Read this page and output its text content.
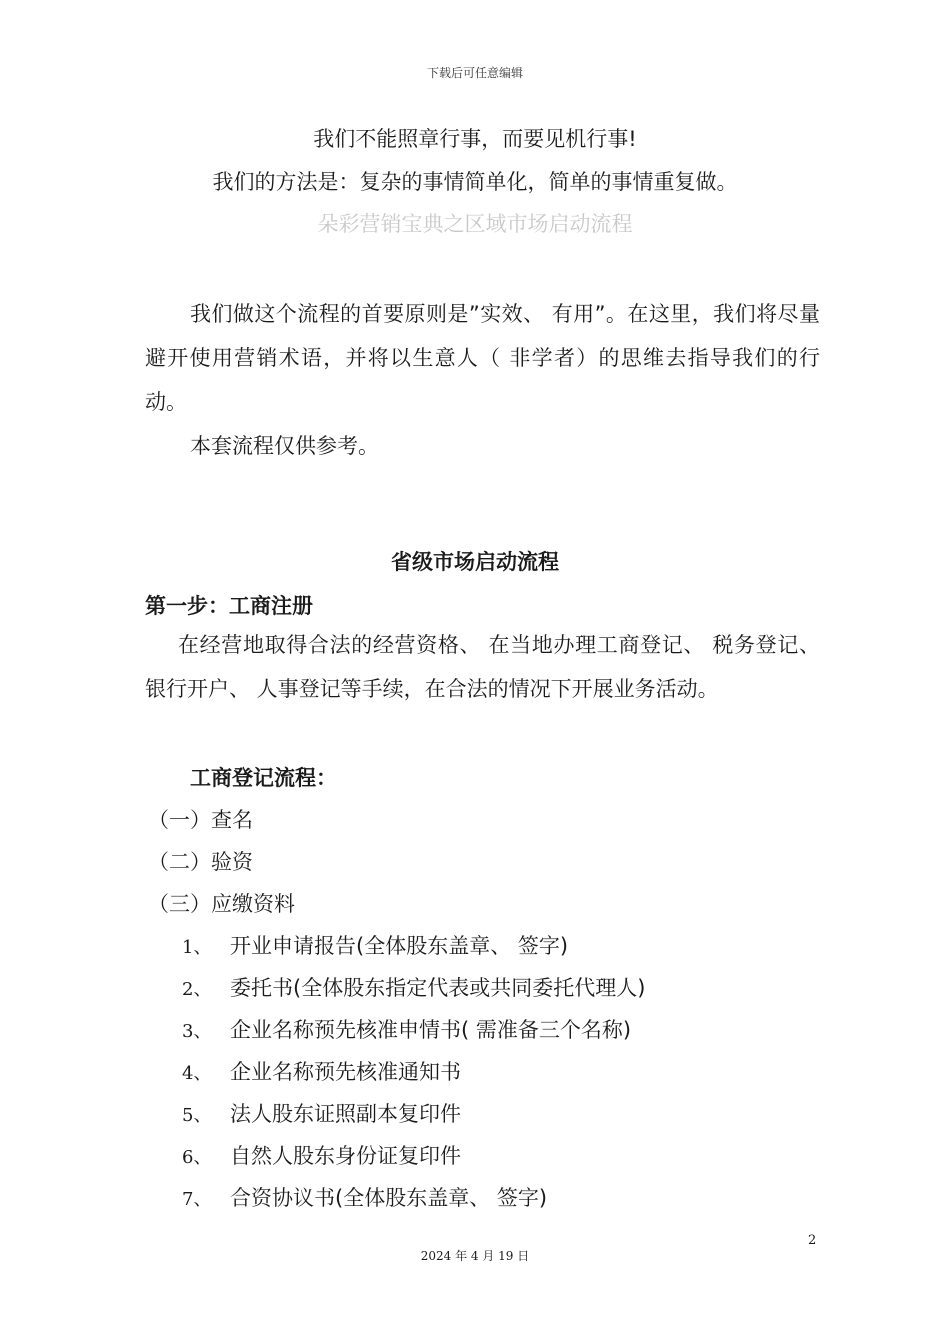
下载后可任意编辑
我们不能照章行事，而要见机行事!
我们的方法是：复杂的事情简单化，简单的事情重复做。
朵彩营销宝典之区域市场启动流程
我们做这个流程的首要原则是”实效、 有用”。在这里，我们将尽量避开使用营销术语，并将以生意人（ 非学者）的思维去指导我们的行动。
本套流程仅供参考。
省级市场启动流程
第一步：工商注册
在经营地取得合法的经营资格、 在当地办理工商登记、 税务登记、 银行开户、 人事登记等手续，在合法的情况下开展业务活动。
工商登记流程：
（一）查名
（二）验资
（三）应缴资料
1、 开业申请报告(全体股东盖章、 签字)
2、 委托书(全体股东指定代表或共同委托代理人)
3、 企业名称预先核准申情书( 需准备三个名称)
4、 企业名称预先核准通知书
5、 法人股东证照副本复印件
6、 自然人股东身份证复印件
7、 合资协议书(全体股东盖章、 签字)
2
2024 年 4 月 19 日
